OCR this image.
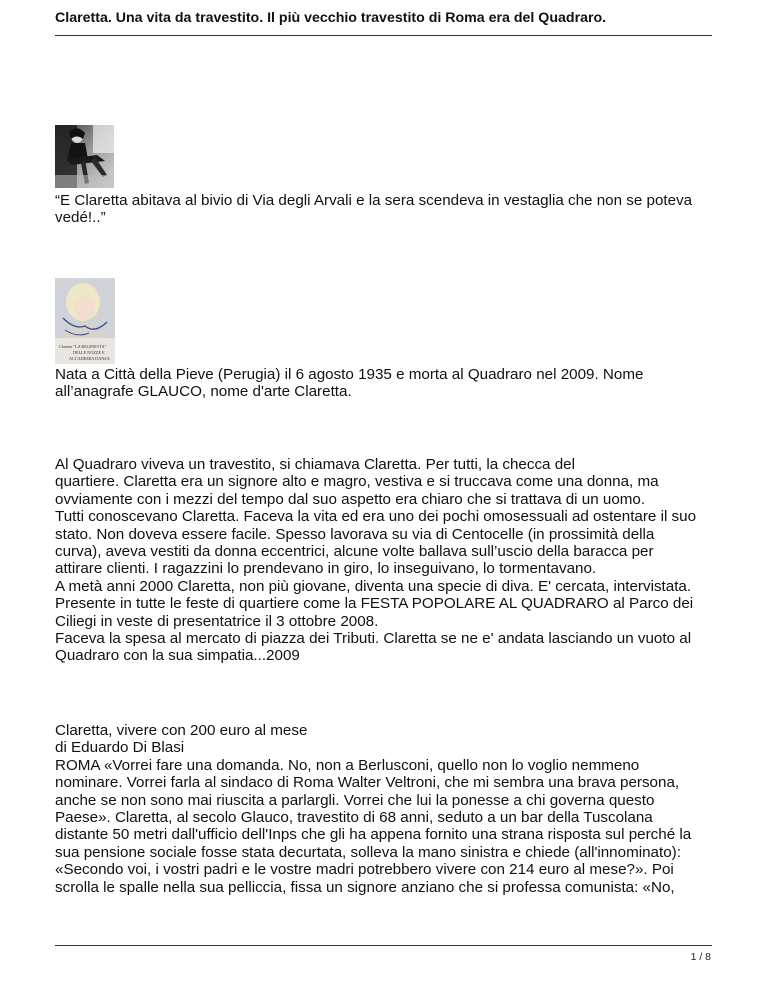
Claretta. Una vita da travestito. Il più vecchio travestito di Roma era del Quadraro.
“E Claretta abitava al bivio di Via degli Arvali e la sera scendeva in vestaglia che non se poteva
vedé!..”
Claretta "LA REGINETTA"
DELLE NOZZE E
ACCADEMIA DANZA
Nata a Città della Pieve (Perugia) il 6 agosto 1935 e morta al Quadraro nel 2009. Nome
all’anagrafe GLAUCO, nome d'arte Claretta.
Al Quadraro viveva un travestito, si chiamava Claretta. Per tutti, la checca del
quartiere. Claretta era un signore alto e magro, vestiva e si truccava come una donna, ma
ovviamente con i mezzi del tempo dal suo aspetto era chiaro che si trattava di un uomo.
Tutti conoscevano Claretta. Faceva la vita ed era uno dei pochi omosessuali ad ostentare il suo
stato. Non doveva essere facile. Spesso lavorava su via di Centocelle (in prossimità della
curva), aveva vestiti da donna eccentrici, alcune volte ballava sull’uscio della baracca per
attirare clienti. I ragazzini lo prendevano in giro, lo inseguivano, lo tormentavano.
A metà anni 2000 Claretta, non più giovane, diventa una specie di diva. E' cercata, intervistata.
Presente in tutte le feste di quartiere come la FESTA POPOLARE AL QUADRARO al Parco dei
Ciliegi in veste di presentatrice il 3 ottobre 2008.
Faceva la spesa al mercato di piazza dei Tributi. Claretta se ne e' andata lasciando un vuoto al
Quadraro con la sua simpatia...2009
Claretta, vivere con 200 euro al mese
di Eduardo Di Blasi
ROMA «Vorrei fare una domanda. No, non a Berlusconi, quello non lo voglio nemmeno
nominare. Vorrei farla al sindaco di Roma Walter Veltroni, che mi sembra una brava persona,
anche se non sono mai riuscita a parlargli. Vorrei che lui la ponesse a chi governa questo
Paese». Claretta, al secolo Glauco, travestito di 68 anni, seduto a un bar della Tuscolana
distante 50 metri dall'ufficio dell'Inps che gli ha appena fornito una strana risposta sul perché la
sua pensione sociale fosse stata decurtata, solleva la mano sinistra e chiede (all'innominato):
«Secondo voi, i vostri padri e le vostre madri potrebbero vivere con 214 euro al mese?». Poi
scrolla le spalle nella sua pelliccia, fissa un signore anziano che si professa comunista: «No,
1 / 8
